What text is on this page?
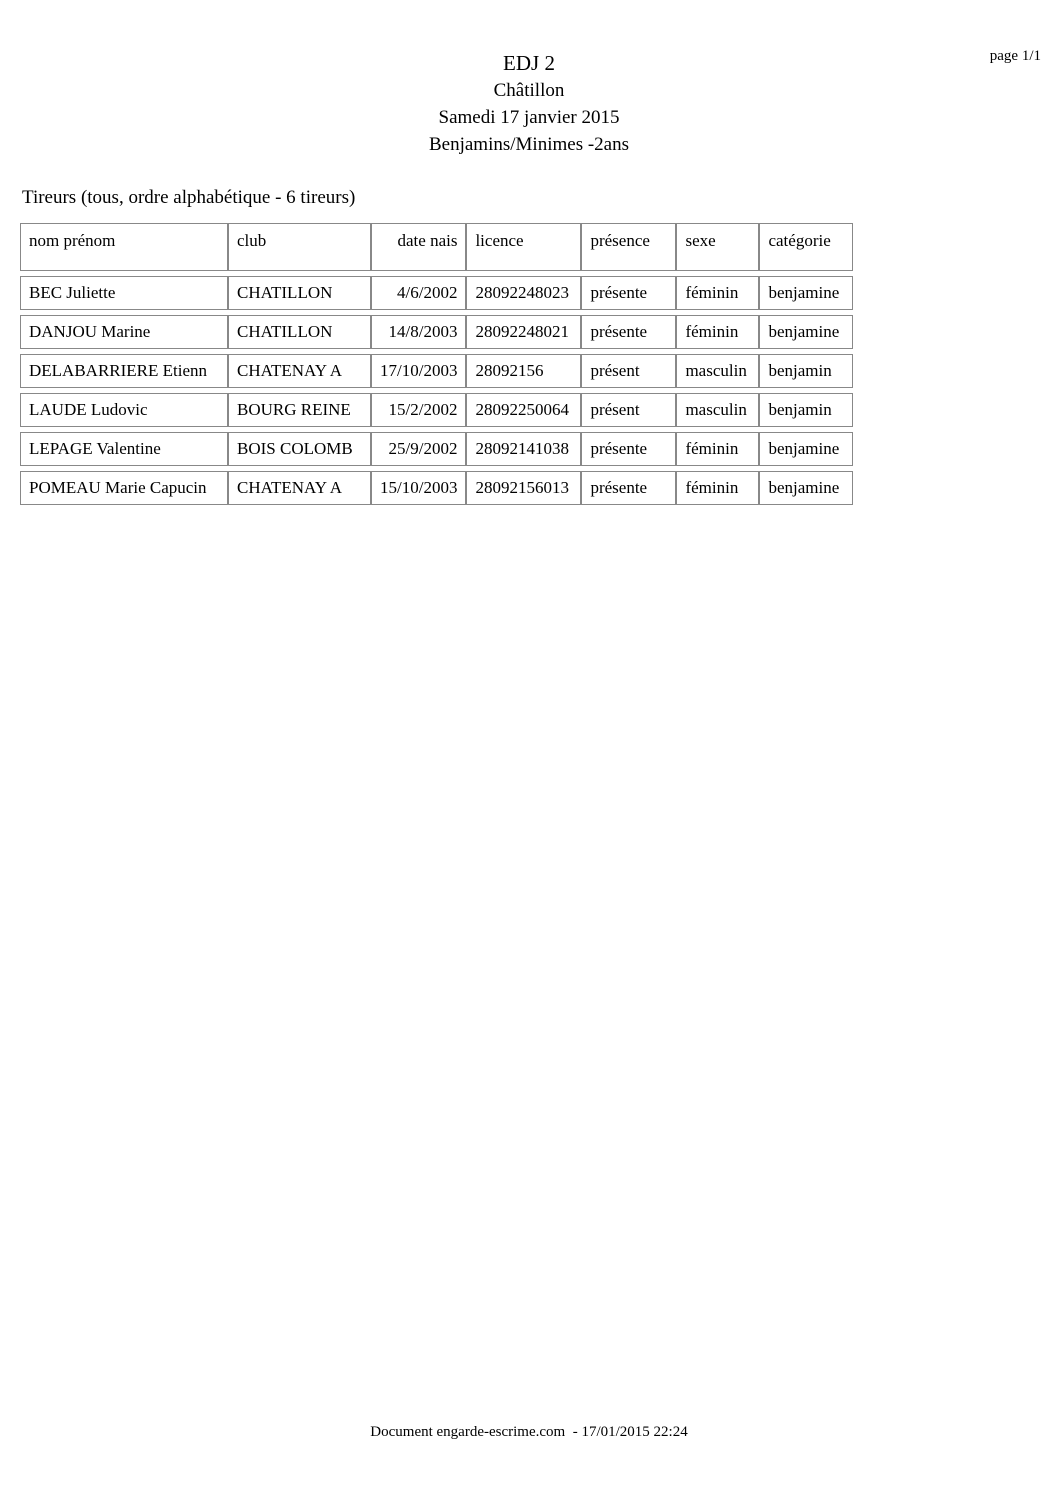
page 1/1
EDJ 2
Châtillon
Samedi 17 janvier 2015
Benjamins/Minimes -2ans
Tireurs (tous, ordre alphabétique - 6 tireurs)
nom prénom	club	date nais	licence	présence	sexe	catégorie
BEC Juliette	CHATILLON	4/6/2002	28092248023	présente	féminin	benjamine
DANJOU Marine	CHATILLON	14/8/2003	28092248021	présente	féminin	benjamine
DELABARRIERE Etienn	CHATENAY A	17/10/2003	28092156	présent	masculin	benjamin
LAUDE Ludovic	BOURG REINE	15/2/2002	28092250064	présent	masculin	benjamin
LEPAGE Valentine	BOIS COLOMB	25/9/2002	28092141038	présente	féminin	benjamine
POMEAU Marie Capucin	CHATENAY A	15/10/2003	28092156013	présente	féminin	benjamine
Document engarde-escrime.com  - 17/01/2015 22:24
